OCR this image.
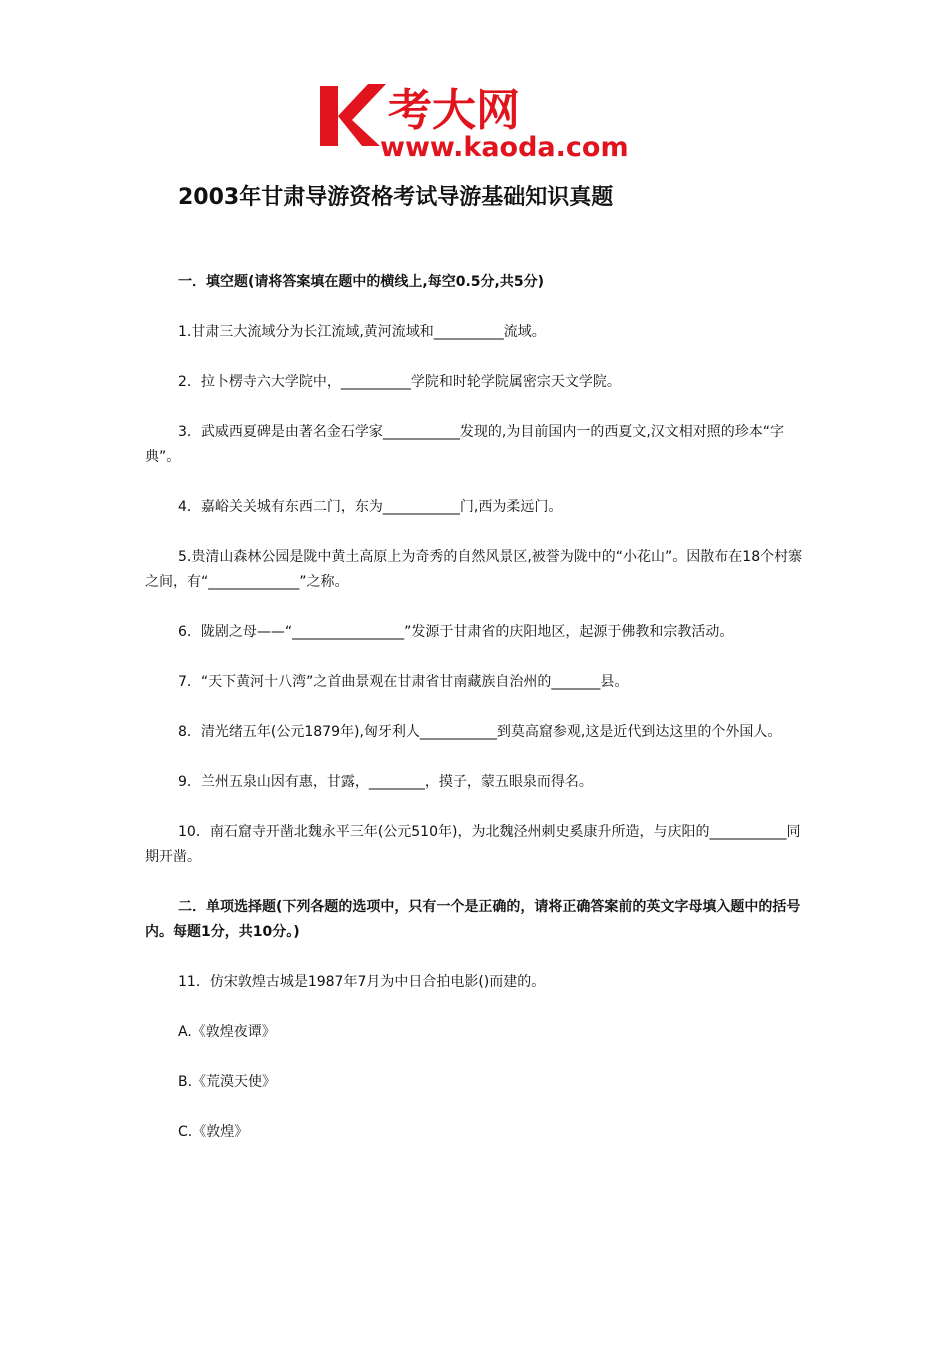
考大网
www.kaoda.com
2003年甘肃导游资格考试导游基础知识真题

一．填空题(请将答案填在题中的横线上,每空0.5分,共5分)

1.甘肃三大流域分为长江流域,黄河流域和__________流域。

2．拉卜楞寺六大学院中，__________学院和时轮学院属密宗天文学院。

3．武威西夏碑是由著名金石学家___________发现的,为目前国内一的西夏文,汉文相对照的珍本“字典”。

4．嘉峪关关城有东西二门，东为___________门,西为柔远门。

5.贵清山森林公园是陇中黄土高原上为奇秀的自然风景区,被誉为陇中的“小花山”。因散布在18个村寨之间，有“_____________”之称。

6．陇剧之母——“________________”发源于甘肃省的庆阳地区，起源于佛教和宗教活动。

7．“天下黄河十八湾”之首曲景观在甘肃省甘南藏族自治州的_______县。

8．清光绪五年(公元1879年),匈牙利人___________到莫高窟参观,这是近代到达这里的个外国人。

9．兰州五泉山因有惠，甘露，________，摸子，蒙五眼泉而得名。

10．南石窟寺开凿北魏永平三年(公元510年)，为北魏泾州刺史奚康升所造，与庆阳的___________同期开凿。

二．单项选择题(下列各题的选项中，只有一个是正确的，请将正确答案前的英文字母填入题中的括号内。每题1分，共10分。)

11．仿宋敦煌古城是1987年7月为中日合拍电影()而建的。

A.《敦煌夜谭》

B.《荒漠天使》

C.《敦煌》
